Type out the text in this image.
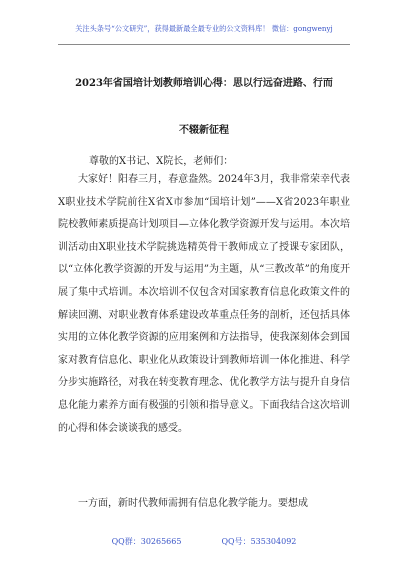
关注头条号“公文研究”，获得最新最全最专业的公文资料库！ 微信：gongwenyj
2023年省国培计划教师培训心得：思以行远奋进路、行而
不辍新征程
尊敬的X书记、X院长，老师们：

大家好！阳春三月，春意盎然。2024年3月，我非常荣幸代表X职业技术学院前往X省X市参加“国培计划”——X省2023年职业院校教师素质提高计划项目—立体化教学资源开发与运用。本次培训活动由X职业技术学院挑选精英骨干教师成立了授课专家团队，以“立体化教学资源的开发与运用”为主题，从“三教改革”的角度开展了集中式培训。本次培训不仅包含对国家教育信息化政策文件的解读回溯、对职业教育体系建设改革重点任务的剖析，还包括具体实用的立体化教学资源的应用案例和方法指导，使我深刻体会到国家对教育信息化、职业化从政策设计到教师培训一体化推进、科学分步实施路径，对我在转变教育理念、优化教学方法与提升自身信息化能力素养方面有极强的引领和指导意义。下面我结合这次培训的心得和体会谈谈我的感受。

一方面，新时代教师需拥有信息化教学能力。要想成

QQ群：30265665	QQ号：535304092
